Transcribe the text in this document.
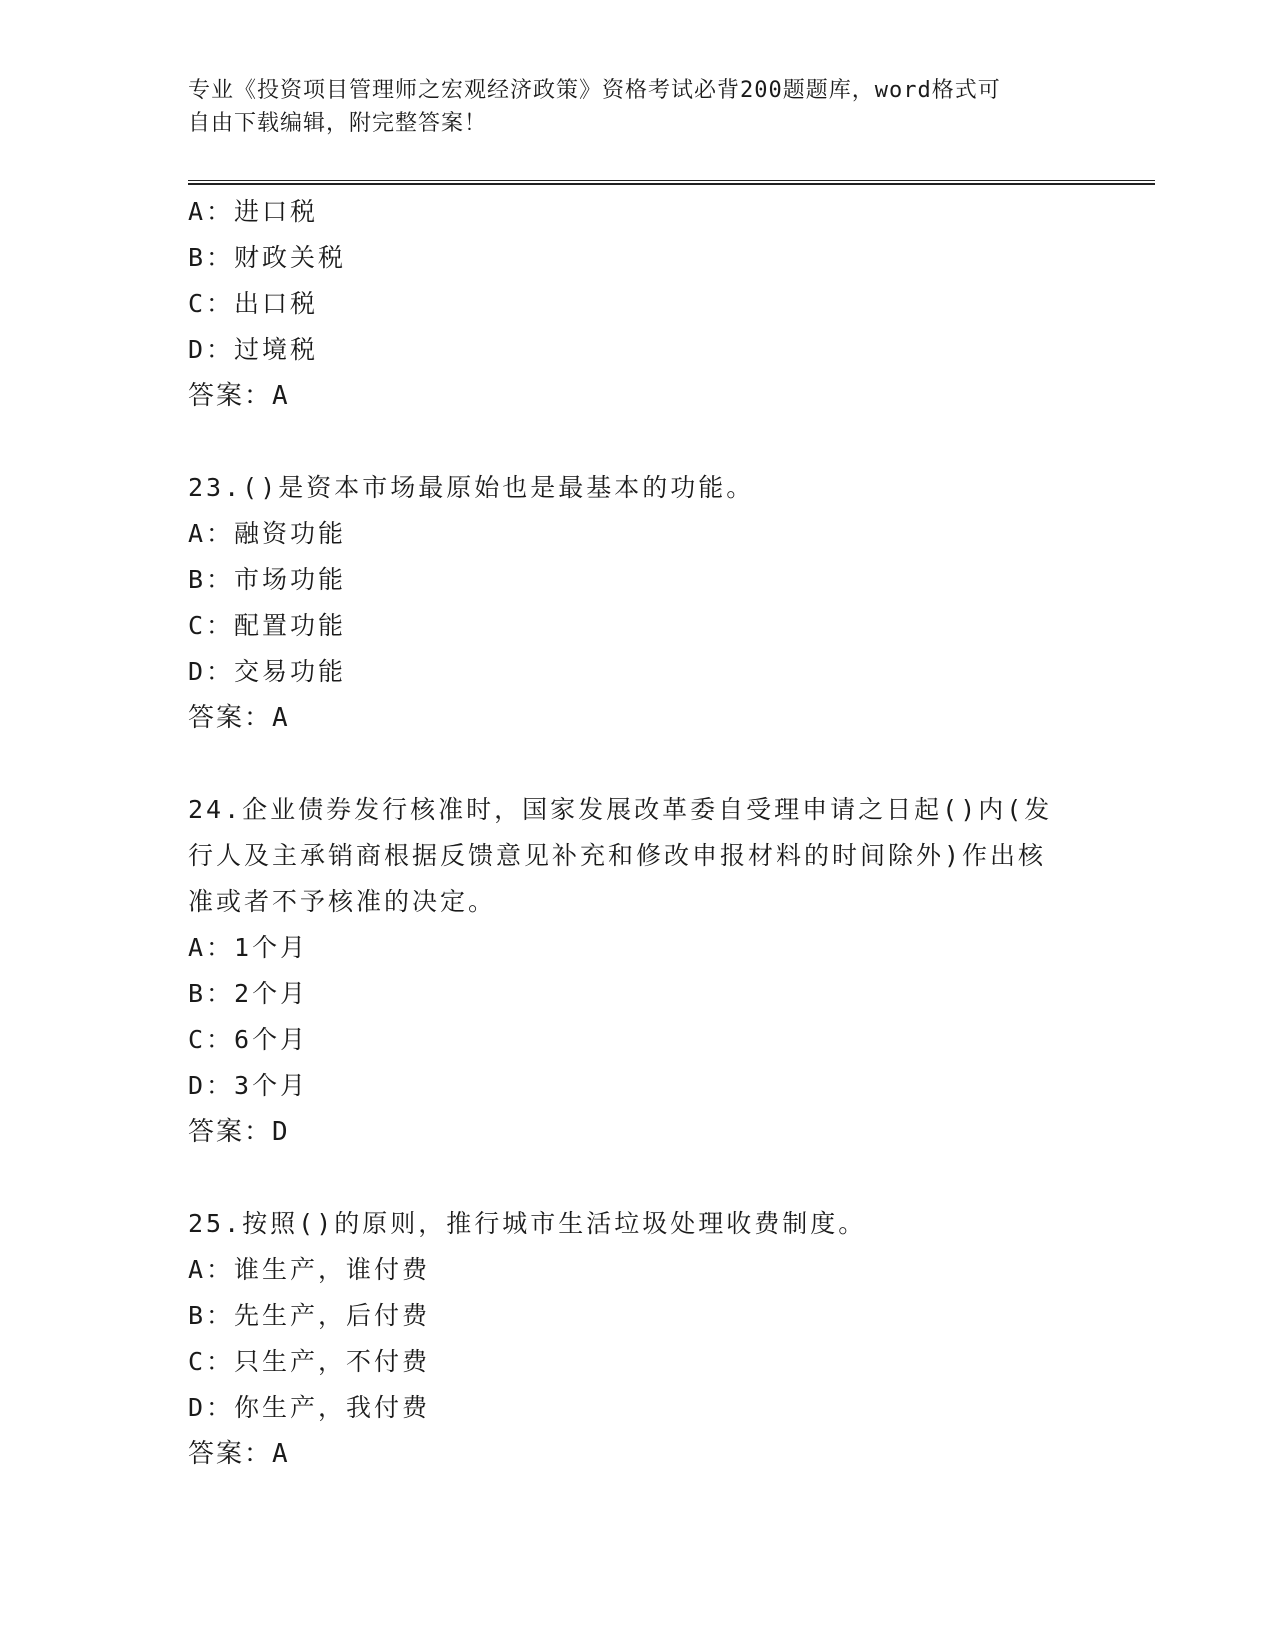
专业《投资项目管理师之宏观经济政策》资格考试必背200题题库，word格式可
自由下载编辑，附完整答案！
A：进口税
B：财政关税
C：出口税
D：过境税
答案：A
23.()是资本市场最原始也是最基本的功能。
A：融资功能
B：市场功能
C：配置功能
D：交易功能
答案：A
24.企业债券发行核准时，国家发展改革委自受理申请之日起()内(发
行人及主承销商根据反馈意见补充和修改申报材料的时间除外)作出核
准或者不予核准的决定。
A：1个月
B：2个月
C：6个月
D：3个月
答案：D
25.按照()的原则，推行城市生活垃圾处理收费制度。
A：谁生产，谁付费
B：先生产，后付费
C：只生产，不付费
D：你生产，我付费
答案：A
